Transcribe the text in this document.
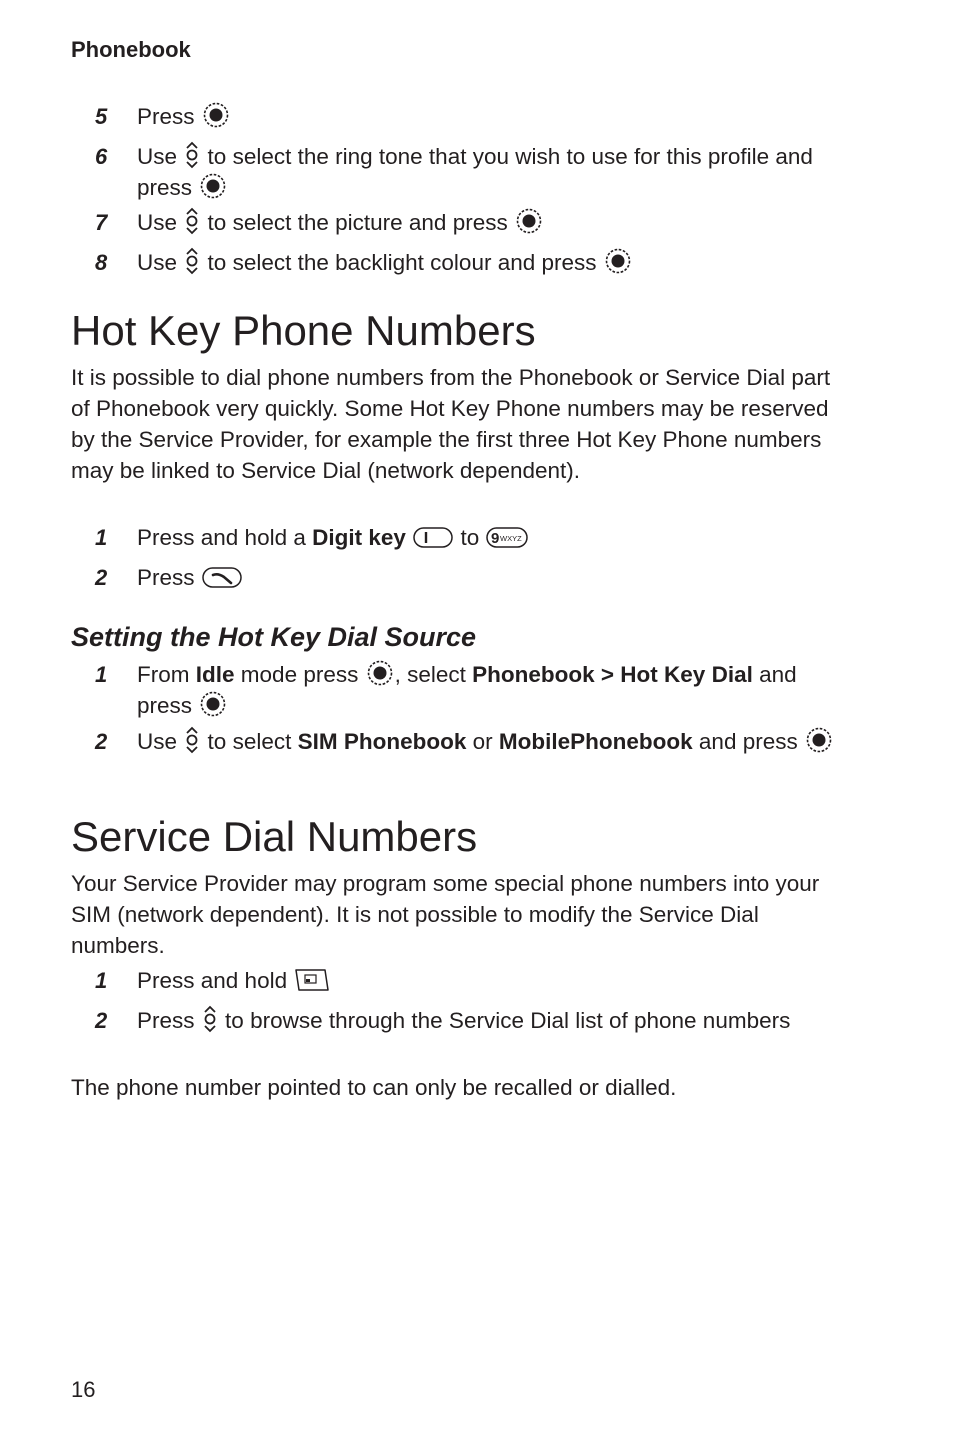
Phonebook
5 Press
6 Use to select the ring tone that you wish to use for this profile and press
7 Use to select the picture and press
8 Use to select the backlight colour and press
Hot Key Phone Numbers
It is possible to dial phone numbers from the Phonebook or Service Dial part of Phonebook very quickly. Some Hot Key Phone numbers may be reserved by the Service Provider, for example the first three Hot Key Phone numbers may be linked to Service Dial (network dependent).
1 Press and hold a Digit key to 9 WXYZ
2 Press
Setting the Hot Key Dial Source
1 From Idle mode press , select Phonebook > Hot Key Dial and press
2 Use to select SIM Phonebook or MobilePhonebook and press
Service Dial Numbers
Your Service Provider may program some special phone numbers into your SIM (network dependent). It is not possible to modify the Service Dial numbers.
1 Press and hold
2 Press to browse through the Service Dial list of phone numbers
The phone number pointed to can only be recalled or dialled.
16
